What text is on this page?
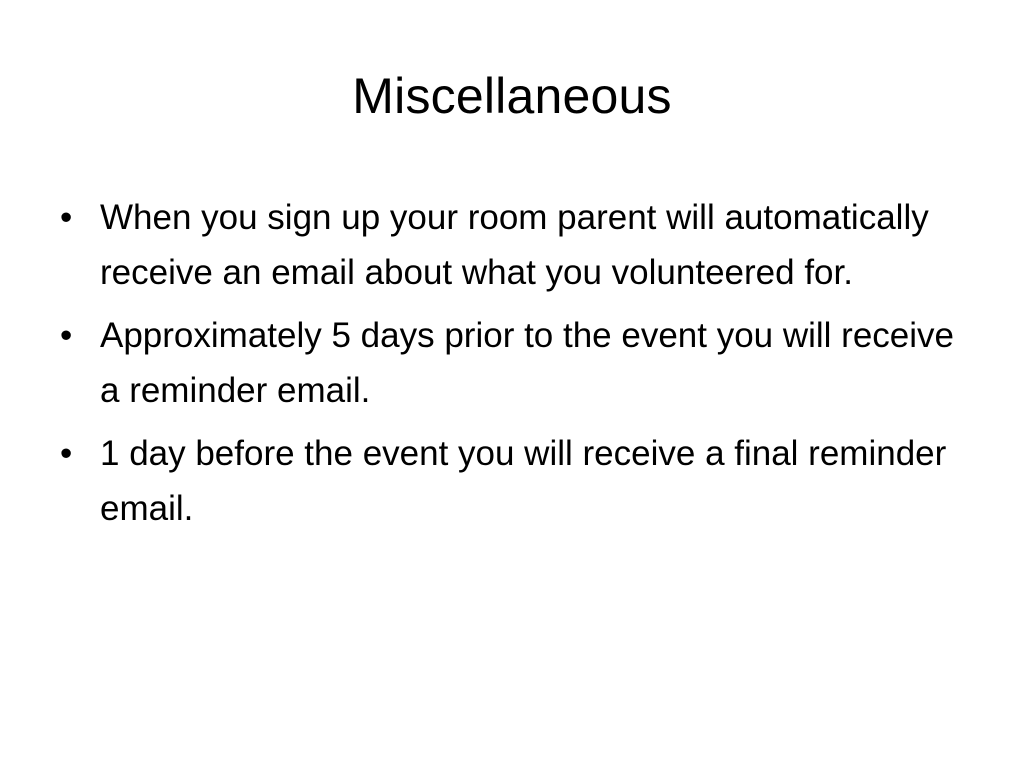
Miscellaneous
• When you sign up your room parent will automatically receive an email about what you volunteered for.
• Approximately 5 days prior to the event you will receive a reminder email.
• 1 day before the event you will receive a final reminder email.
